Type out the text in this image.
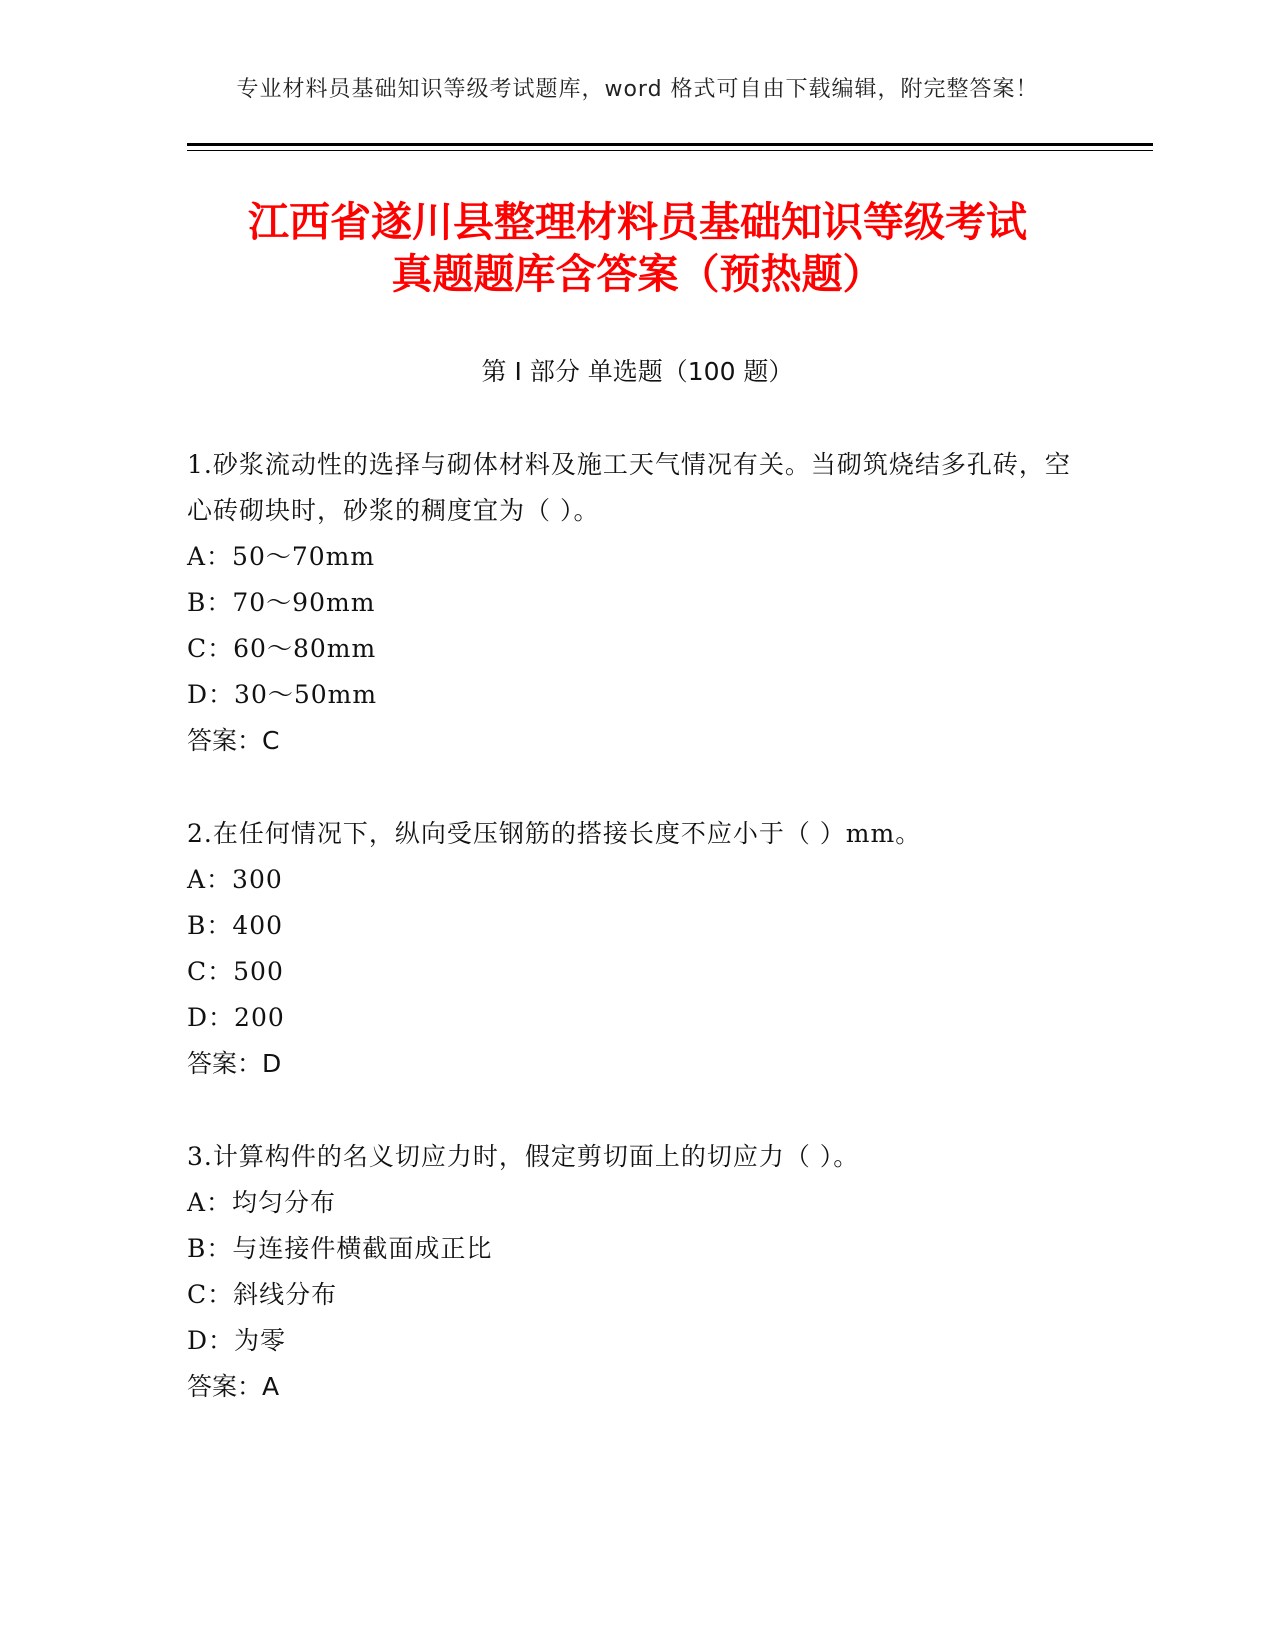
专业材料员基础知识等级考试题库，word 格式可自由下载编辑，附完整答案！
江西省遂川县整理材料员基础知识等级考试
真题题库含答案（预热题）
第 I 部分 单选题（100 题）

1.砂浆流动性的选择与砌体材料及施工天气情况有关。当砌筑烧结多孔砖，空心砖砌块时，砂浆的稠度宜为（ ）。

A：50～70mm

B：70～90mm

C：60～80mm

D：30～50mm

答案：C

2.在任何情况下，纵向受压钢筋的搭接长度不应小于（ ）mm。

A：300

B：400

C：500

D：200

答案：D

3.计算构件的名义切应力时，假定剪切面上的切应力（ ）。

A：均匀分布

B：与连接件横截面成正比

C：斜线分布

D：为零

答案：A
